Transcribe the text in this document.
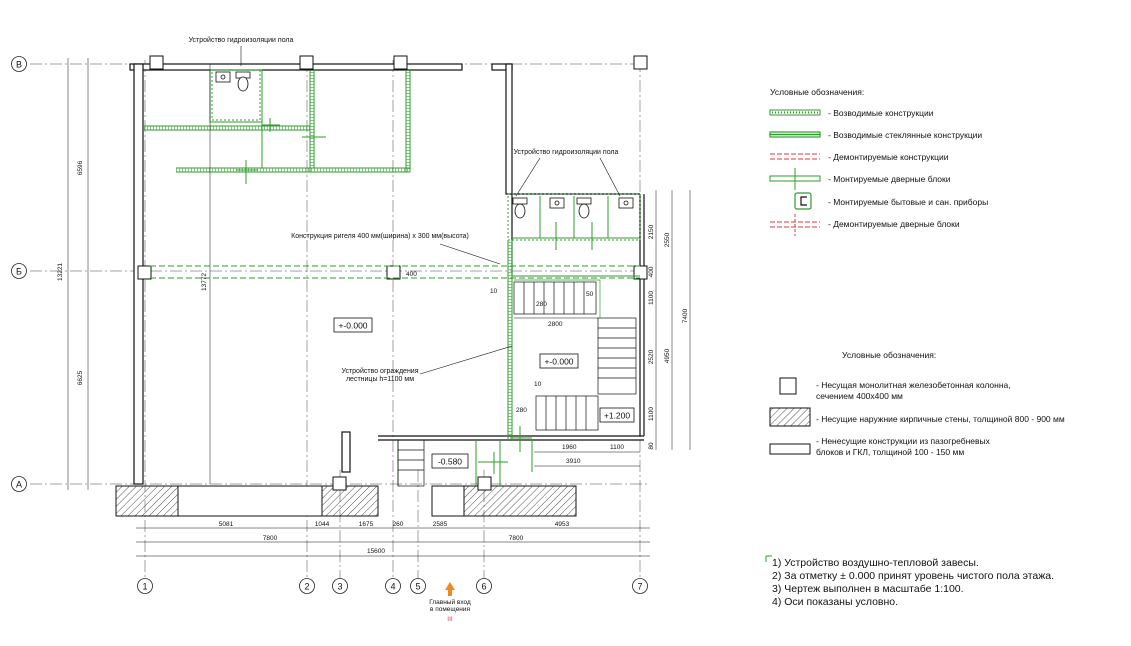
В
Б
А
1	2	3	4 5	6	7
Устройство гидроизоляции пола
Устройство гидроизоляции пола
Конструкция ригеля 400 мм(ширина) х 300 мм(высота)
Устройство ограждения
лестницы h=1100 мм
+-0.000
+-0.000
+1.200
-0.580
10
280
50
2800
10
280
400
1960	1100
3910
Главный вход
в помещения
III
5081	1044	1675	260	2585	4953
7800	7800
15600
6596
6625
13221
13772
2150
400
1100
2520
1100
80
2550
4950
7400
Условные обозначения:
- Возводимые конструкции
- Возводимые стеклянные конструкции
- Демонтируемые конструкции
- Монтируемые дверные блоки
- Монтируемые бытовые и сан. приборы
- Демонтируемые дверные блоки
Условные обозначения:
- Несущая монолитная железобетонная колонна,
сечением 400х400 мм
- Несущие наружние кирпичные стены, толщиной 800 - 900 мм
- Ненесущие конструкции из пазогребневых
блоков и ГКЛ, толщиной 100 - 150 мм
1) Устройство воздушно-тепловой завесы.
2) За отметку ± 0.000 принят уровень чистого пола этажа.
3) Чертеж выполнен в масштабе 1:100.
4) Оси показаны условно.
